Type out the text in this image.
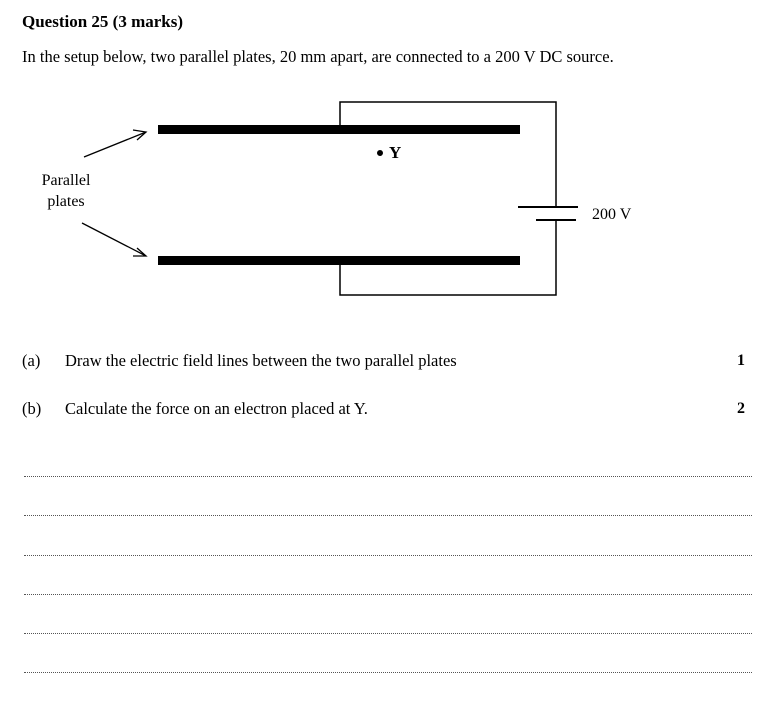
Question 25 (3 marks)
In the setup below, two parallel plates, 20 mm apart, are connected to a 200 V DC source.
200 V
Y
Parallel
plates
(a) Draw the electric field lines between the two parallel plates	1
(b) Calculate the force on an electron placed at Y.	2
